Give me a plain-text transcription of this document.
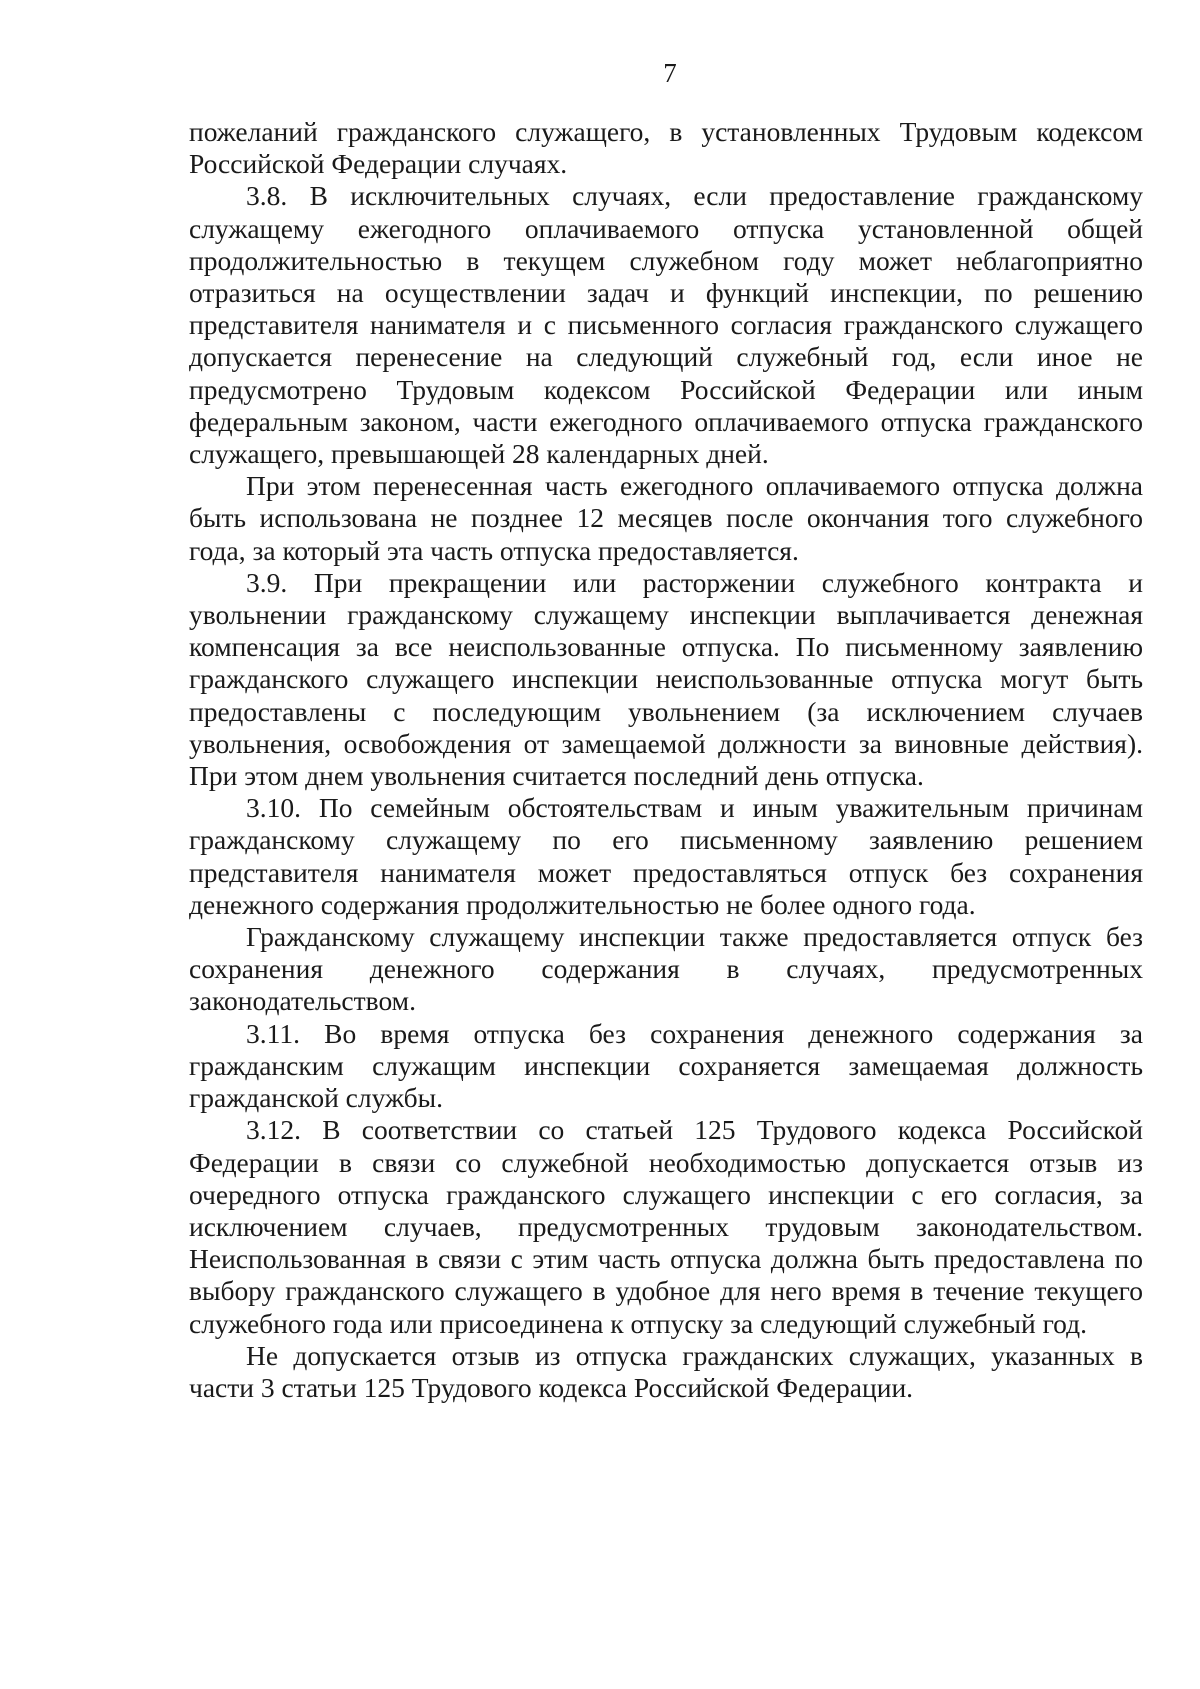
7

пожеланий гражданского служащего, в установленных Трудовым кодексом Российской Федерации случаях.

3.8. В исключительных случаях, если предоставление гражданскому служащему ежегодного оплачиваемого отпуска установленной общей продолжительностью в текущем служебном году может неблагоприятно отразиться на осуществлении задач и функций инспекции, по решению представителя нанимателя и с письменного согласия гражданского служащего допускается перенесение на следующий служебный год, если иное не предусмотрено Трудовым кодексом Российской Федерации или иным федеральным законом, части ежегодного оплачиваемого отпуска гражданского служащего, превышающей 28 календарных дней.

При этом перенесенная часть ежегодного оплачиваемого отпуска должна быть использована не позднее 12 месяцев после окончания того служебного года, за который эта часть отпуска предоставляется.

3.9. При прекращении или расторжении служебного контракта и увольнении гражданскому служащему инспекции выплачивается денежная компенсация за все неиспользованные отпуска. По письменному заявлению гражданского служащего инспекции неиспользованные отпуска могут быть предоставлены с последующим увольнением (за исключением случаев увольнения, освобождения от замещаемой должности за виновные действия). При этом днем увольнения считается последний день отпуска.

3.10. По семейным обстоятельствам и иным уважительным причинам гражданскому служащему по его письменному заявлению решением представителя нанимателя может предоставляться отпуск без сохранения денежного содержания продолжительностью не более одного года.

Гражданскому служащему инспекции также предоставляется отпуск без сохранения денежного содержания в случаях, предусмотренных законодательством.

3.11. Во время отпуска без сохранения денежного содержания за гражданским служащим инспекции сохраняется замещаемая должность гражданской службы.

3.12. В соответствии со статьей 125 Трудового кодекса Российской Федерации в связи со служебной необходимостью допускается отзыв из очередного отпуска гражданского служащего инспекции с его согласия, за исключением случаев, предусмотренных трудовым законодательством. Неиспользованная в связи с этим часть отпуска должна быть предоставлена по выбору гражданского служащего в удобное для него время в течение текущего служебного года или присоединена к отпуску за следующий служебный год.

Не допускается отзыв из отпуска гражданских служащих, указанных в части 3 статьи 125 Трудового кодекса Российской Федерации.
